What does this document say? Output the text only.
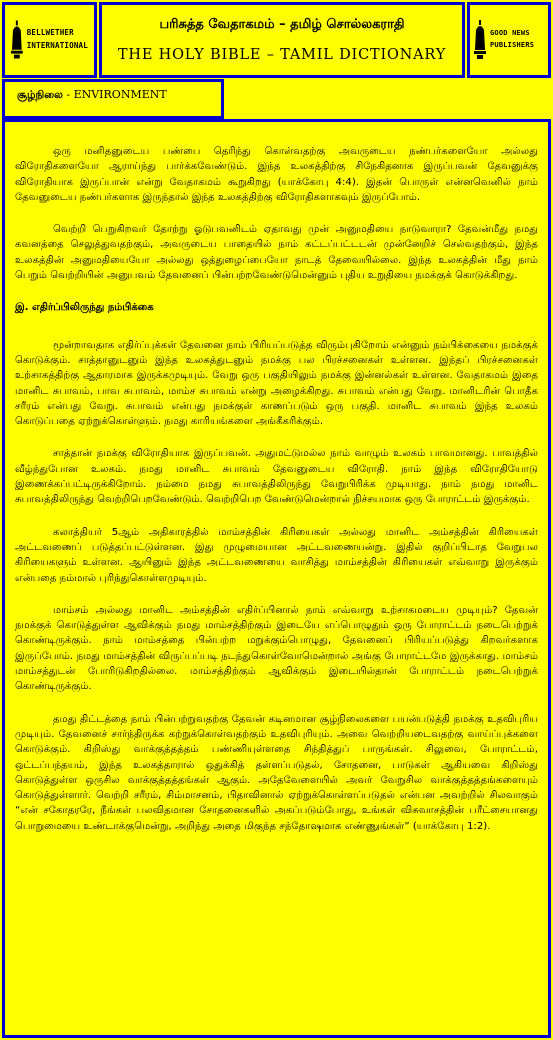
BELLWETHER
INTERNATIONAL
பரிசுத்த வேதாகமம் – தமிழ் சொல்லகராதி
THE HOLY BIBLE – TAMIL DICTIONARY
GOOD NEWS
PUBLISHERS
சூழ்நிலை - ENVIRONMENT

ஒரு மனிதனுடைய பண்பை தெரிந்து கொள்வதற்கு அவருடைய நண்பர்களையோ அல்லது விரோதிகளையோ ஆராய்ந்து பார்க்கவேண்டும். இந்த உலகத்திற்கு சிநேகிதனாக இருப்பவன் தேவனுக்கு விரோதியாக இருப்பான் என்று வேதாகமம் கூறுகிறது (யாக்கோபு 4:4). இதன் பொருள் என்னவெனில் நாம் தேவனுடைய நண்பர்களாக இருந்தால் இந்த உலகத்திற்கு விரோதிகளாகவும் இருப்போம்.

வெற்றி பெறுகிறவர் தோற்று ஓடுபவனிடம் ஏதாவது முன் அனுமதியை நாடுவாரா? தேவன்மீது நமது கவனத்தை செலுத்துவதற்கும், அவருடைய பாதையில் நாம் கட்டப்பட்டடன் முன்னேறிச் செல்வதற்கும், இந்த உலகத்தின் அனுமதியையோ அல்லது ஒத்துழைப்பையோ நாடத் தேவையில்லை. இந்த உலகத்தின் மீது நாம் பெறும் வெற்றியின் அனுபவம் தேவனைப் பின்பற்றவேண்டுமென்னும் புதிய உறுதியை நமக்குக் கொடுக்கிறது.

இ. எதிர்ப்பிலிருந்து நம்பிக்கை

மூன்றாவதாக எதிர்ப்புக்கள் தேவனை நாம் பிரியப்படுத்த விரும்புகிறோம் என்னும் நம்பிக்கையை நமக்குக் கொடுக்கும். சாத்தானுடனும் இந்த உலகத்துடனும் நமக்கு பல பிரச்சனைகள் உள்ளன. இந்தப் பிரச்சனைகள் உற்சாகத்திற்கு ஆதாரமாக இருக்கமுடியும். வேறு ஒரு பகுதியிலும் நமக்கு இன்னல்கள் உள்ளன. வேதாகமம் இதை மானிட சுபாவம், பாவ சுபாவம், மாம்ச சுபாவம் என்று அழைக்கிறது. சுபாவம் என்பது வேறு. மானிடரின் பொதீக சரீரம் என்பது வேறு. சுபாவம் என்பது நமக்குள் காணப்படும் ஒரு பகுதி. மானிட சுபாவம் இந்த உலகம் கொடுப்பதை ஏற்றுக்கொள்ளும். நமது காரியங்களை அங்கீகரிக்கும்.

சாத்தான் நமக்கு விரோதியாக இருப்பவன். அதுமட்டுமல்ல நாம் வாழும் உலகம் பாவமானது. பாவத்தில் வீழ்ந்துபோன உலகம். நமது மானிட சுபாவம் தேவனுடைய விரோதி. நாம் இந்த விரோதியோடு இணைக்கப்பட்டிருக்கிறோம். நம்மை நமது சுபாவத்திலிருந்து வேறுபிரிக்க முடியாது. நாம் நமது மானிட சுபாவத்திலிருந்து வெற்றிபெறவேண்டும். வெற்றிபெற வேண்டுமென்றால் நிச்சயமாக ஒரு போராட்டம் இருக்கும்.

கலாத்தியர் 5ஆம் அதிகாரத்தில் மாம்சத்தின் கிரியைகள் அல்லது மானிட அம்சத்தின் கிரியைகள் அட்டவணைப் படுத்தப்பட்டுள்ளன. இது முழுமையான அட்டவணையன்று. இதில் குறிப்பிடாத வேறுபல கிரியைகளும் உள்ளன. ஆயினும் இந்த அட்டவணையை வாசித்து மாம்சத்தின் கிரியைகள் எவ்வாறு இருக்கும் என்பதை நம்மால் புரிந்துகொள்ளமுடியும்.

மாம்சம் அல்லது மானிட அம்சத்தின் எதிர்ப்பினால் நாம் எவ்வாறு உற்சாகமடைய முடியும்? தேவன் நமக்குக் கொடுத்துள்ள ஆவிக்கும் நமது மாம்சத்திற்கும் இடையே எப்பொழுதும் ஒரு போராட்டம் நடைபெற்றுக் கொண்டிருக்கும். நாம் மாம்சத்தை பின்பற்ற மறுக்கும்பொழுது, தேவனைப் பிரியப்படுத்து கிறவர்களாக இருப்போம். நமது மாம்சத்தின் விருப்பப்படி நடந்துகொள்வோமென்றால் அங்கு போராட்டமே இருக்காது. மாம்சம் மாம்சத்துடன் போரிடுகிறதில்லை. மாம்சத்திற்கும் ஆவிக்கும் இடையில்தான் போராட்டம் நடைபெற்றுக் கொண்டிருக்கும்.

தமது திட்டத்தை நாம் பின்பற்றுவதற்கு தேவன் கடினமான சூழ்நிலைகளை பயன்படுத்தி நமக்கு உதவிபுரிய முடியும். தேவனைச் சார்ந்திருக்க கற்றுக்கொள்வதற்கும் உதவிபுரியும். அவை வெற்றியடைவதற்கு வாய்ப்புக்களை கொடுக்கும். கிறிஸ்து வாக்குத்தத்தம் பண்ணியுள்ளதை சிந்தித்துப் பாருங்கள். சிலுவை, போராட்டம், ஒட்டப்பந்தயம், இந்த உலகத்தாரால் ஒதுக்கித் தள்ளப்படுதல், சோதனை, பாடுகள் ஆகியவை கிறிஸ்து கொடுத்துள்ள ஒருசில வாக்குத்தத்தங்கள் ஆகும். அதேவேளையில் அவர் வேறுசில வாக்குத்தத்தங்களையும் கொடுத்துள்ளார். வெற்றி சரீரம், சிம்மாசனம், பிதாவினால் ஏற்றுக்கொள்ளப்படுதல் என்பன அவற்றில் சிலவாகும் “என் சகோதரரே, நீங்கள் பலவிதமான சோதனைகளில் அகப்படும்போது, உங்கள் விசுவாசத்தின் பரீட்சையானது பொறுமையை உண்டாக்குமென்று, அறிந்து அதை மிகுந்த சந்தோஷமாக எண்ணுங்கள்” (யாக்கோபு 1:2).
